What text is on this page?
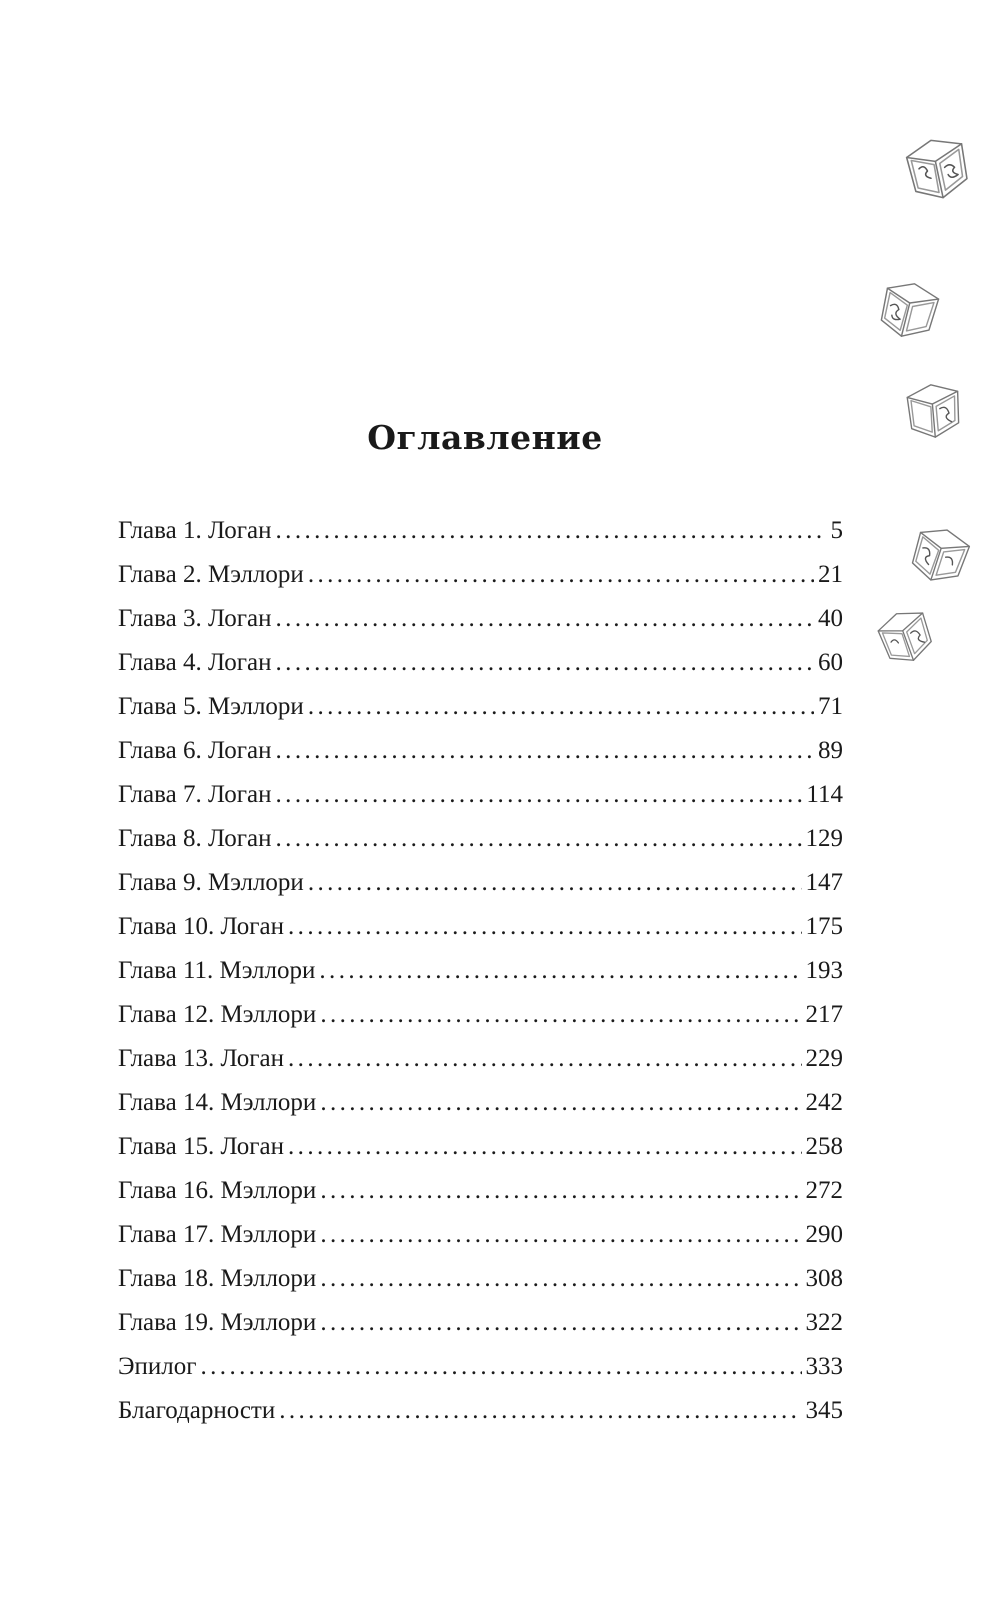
Оглавление
Глава 1. Логан .....	5
Глава 2. Мэллори .....	21
Глава 3. Логан .....	40
Глава 4. Логан .....	60
Глава 5. Мэллори .....	71
Глава 6. Логан .....	89
Глава 7. Логан .....	114
Глава 8. Логан .....	129
Глава 9. Мэллори .....	147
Глава 10. Логан .....	175
Глава 11. Мэллори .....	193
Глава 12. Мэллори .....	217
Глава 13. Логан .....	229
Глава 14. Мэллори .....	242
Глава 15. Логан .....	258
Глава 16. Мэллори .....	272
Глава 17. Мэллори .....	290
Глава 18. Мэллори .....	308
Глава 19. Мэллори .....	322
Эпилог .....	333
Благодарности .....	345
